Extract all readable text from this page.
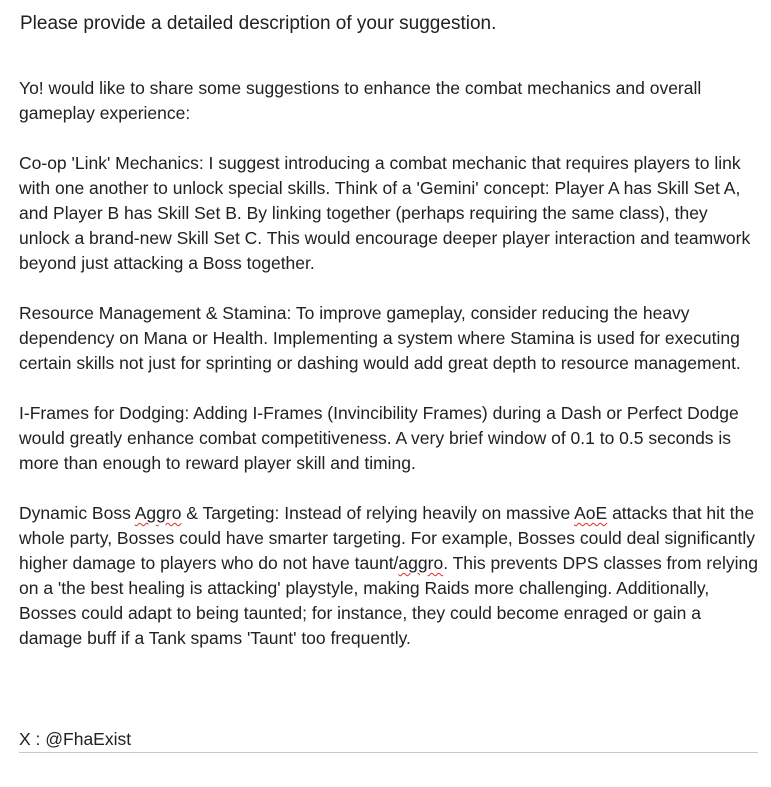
Please provide a detailed description of your suggestion.

Yo! would like to share some suggestions to enhance the combat mechanics and overall gameplay experience:

Co-op 'Link' Mechanics: I suggest introducing a combat mechanic that requires players to link with one another to unlock special skills. Think of a 'Gemini' concept: Player A has Skill Set A, and Player B has Skill Set B. By linking together (perhaps requiring the same class), they unlock a brand-new Skill Set C. This would encourage deeper player interaction and teamwork beyond just attacking a Boss together.

Resource Management & Stamina: To improve gameplay, consider reducing the heavy dependency on Mana or Health. Implementing a system where Stamina is used for executing certain skills not just for sprinting or dashing would add great depth to resource management.

I-Frames for Dodging: Adding I-Frames (Invincibility Frames) during a Dash or Perfect Dodge would greatly enhance combat competitiveness. A very brief window of 0.1 to 0.5 seconds is more than enough to reward player skill and timing.

Dynamic Boss Aggro & Targeting: Instead of relying heavily on massive AoE attacks that hit the whole party, Bosses could have smarter targeting. For example, Bosses could deal significantly higher damage to players who do not have taunt/aggro. This prevents DPS classes from relying on a 'the best healing is attacking' playstyle, making Raids more challenging. Additionally, Bosses could adapt to being taunted; for instance, they could become enraged or gain a damage buff if a Tank spams 'Taunt' too frequently.

X : @FhaExist
